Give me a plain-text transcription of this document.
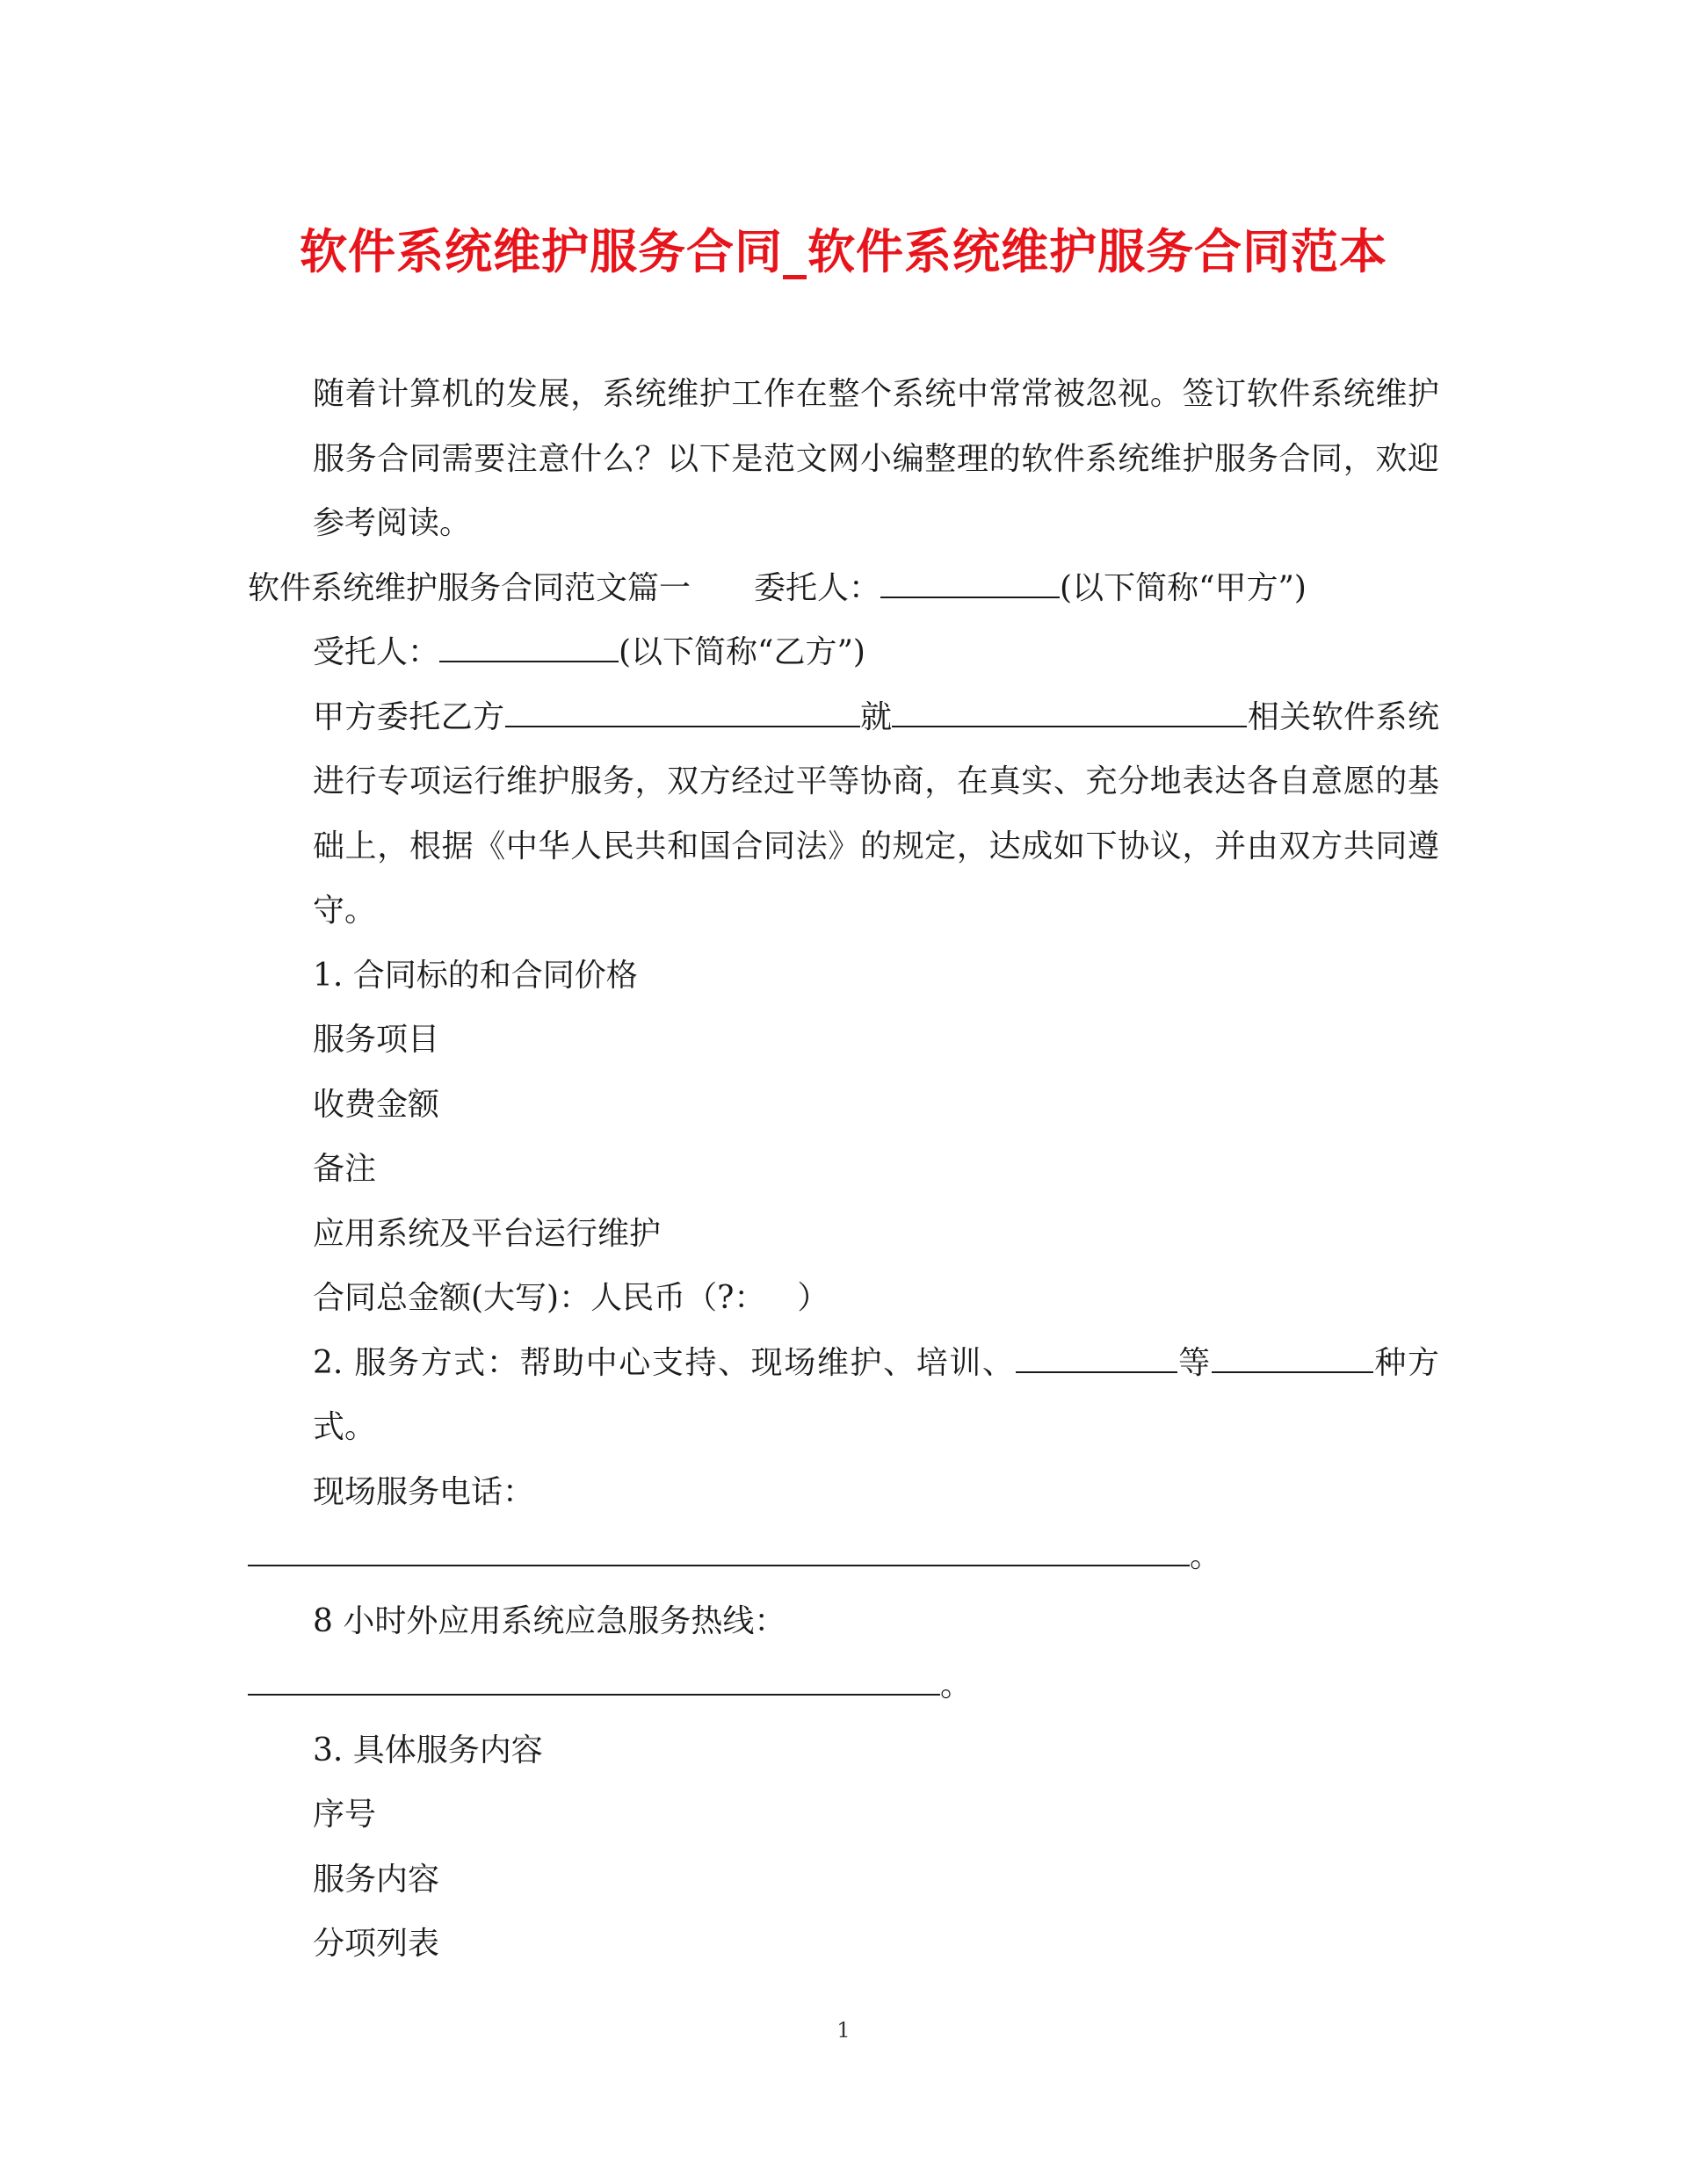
软件系统维护服务合同_软件系统维护服务合同范本

随着计算机的发展，系统维护工作在整个系统中常常被忽视。签订软件系统维护服务合同需要注意什么？以下是范文网小编整理的软件系统维护服务合同，欢迎参考阅读。

软件系统维护服务合同范文篇一 委托人：	(以下简称“甲方”)

受托人：	(以下简称“乙方”)

甲方委托乙方	就	相关软件系统进行专项运行维护服务，双方经过平等协商，在真实、充分地表达各自意愿的基础上，根据《中华人民共和国合同法》的规定，达成如下协议，并由双方共同遵守。

1. 合同标的和合同价格

服务项目

收费金额

备注

应用系统及平台运行维护

合同总金额(大写)：人民币（?： ）

2. 服务方式：帮助中心支持、现场维护、培训、	等	种方式。

现场服务电话：

。

8 小时外应用系统应急服务热线：

。

3. 具体服务内容

序号

服务内容

分项列表

1
